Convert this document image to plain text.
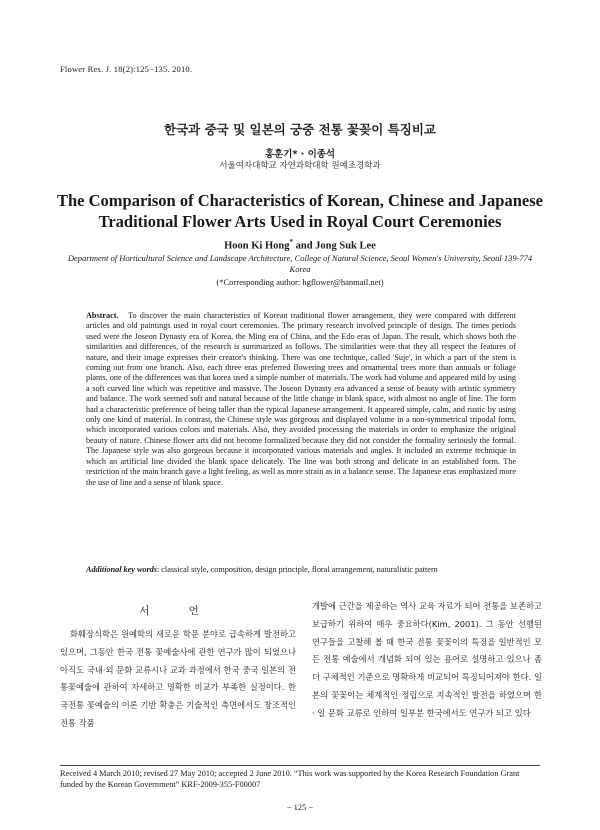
Flower Res. J. 18(2):125−135. 2010.
한국과 중국 및 일본의 궁중 전통 꽃꽂이 특징비교
홍훈기* · 이종석
서울여자대학교 자연과학대학 원예조경학과
The Comparison of Characteristics of Korean, Chinese and Japanese
Traditional Flower Arts Used in Royal Court Ceremonies
Hoon Ki Hong* and Jong Suk Lee
Department of Horticultural Science and Landscape Architecture, College of Natural Science, Seoul Women's University, Seoul 139-774 Korea
(*Corresponding author: hgflower@hanmail.net)
Abstract. To discover the main characteristics of Korean traditional flower arrangement, they were compared with different articles and old paintings used in royal court ceremonies. The primary research involved principle of design. The times periods used were the Joseon Dynasty era of Korea, the Ming era of China, and the Edo eras of Japan. The result, which shows both the similarities and differences, of the research is summarized as follows. The similarities were that they all respect the features of nature, and their image expresses their creator's thinking. There was one technique, called 'Suje', in which a part of the stem is coming out from one branch. Also, each three eras preferred flowering trees and ornamental trees more than annuals or foliage plants. one of the differences was that korea used a simple number of materials. The work had volume and appeared mild by using a soft curved line which was repetitive and massive. The Joseon Dynasty era advanced a sense of beauty with artistic symmetry and balance. The work seemed soft and natural because of the little change in blank space, with almost no angle of line. The form had a characteristic preference of being taller than the typical Japanese arrangement. It appeared simple, calm, and rustic by using only one kind of material. In contrast, the Chinese style was gorgeous and displayed volume in a non-symmetrical tripodal form, which incorporated various colors and materials. Also, they avoided processing the materials in order to emphasize the original beauty of nature. Chinese flower arts did not become formalized because they did not consider the formality seriously the formal. The Japanese style was also gorgeous because it incorporated various materials and angles. It included an extreme technique in which an artificial line divided the blank space delicately. The line was both strong and delicate in an established form. The restriction of the main branch gave a light feeling, as well as more strain as in a balance sense. The Japanese eras emphasized more the use of line and a sense of blank space.
Additional key words: classical style, composition, design principle, floral arrangement, naturalistic pattern
서 언

화훼장식학은 원예학의 새로운 학문 분야로 급속하게 발전하고 있으며, 그동안 한국 전통 꽃예술사에 관한 연구가 많이 되었으나 아직도 국내·외 문화 교류시나 교과 과정에서 한국 중국 일본의 전통꽃예술에 관하여 자세하고 명확한 비교가 부족한 실정이다. 한국전통 꽃예술의 이론 기반 확충은 기술적인 측면에서도 창조적인 전통 작품

개발에 근간을 제공하는 역사 교육 자료가 되어 전통을 보존하고 보급하기 위하여 매우 중요하다(Kim, 2001). 그 동안 선행된 연구들을 고찰해 볼 때 한국 전통 꽃꽂이의 특징을 일반적인 모든 전통 예술에서 개념화 되어 있는 용어로 설명하고 있으나 좀 더 구체적인 기준으로 명확하게 비교되어 특징되어져야 한다. 일본의 꽃꽂이는 체계적인 정립으로 지속적인 발전을 하였으며 한 · 일 문화 교류로 인하여 일부분 한국에서도 연구가 되고 있다

Received 4 March 2010; revised 27 May 2010; accepted 2 June 2010. “This work was supported by the Korea Research Foundation Grant funded by the Korean Government” KRF-2009-355-F00007
− 125 −
